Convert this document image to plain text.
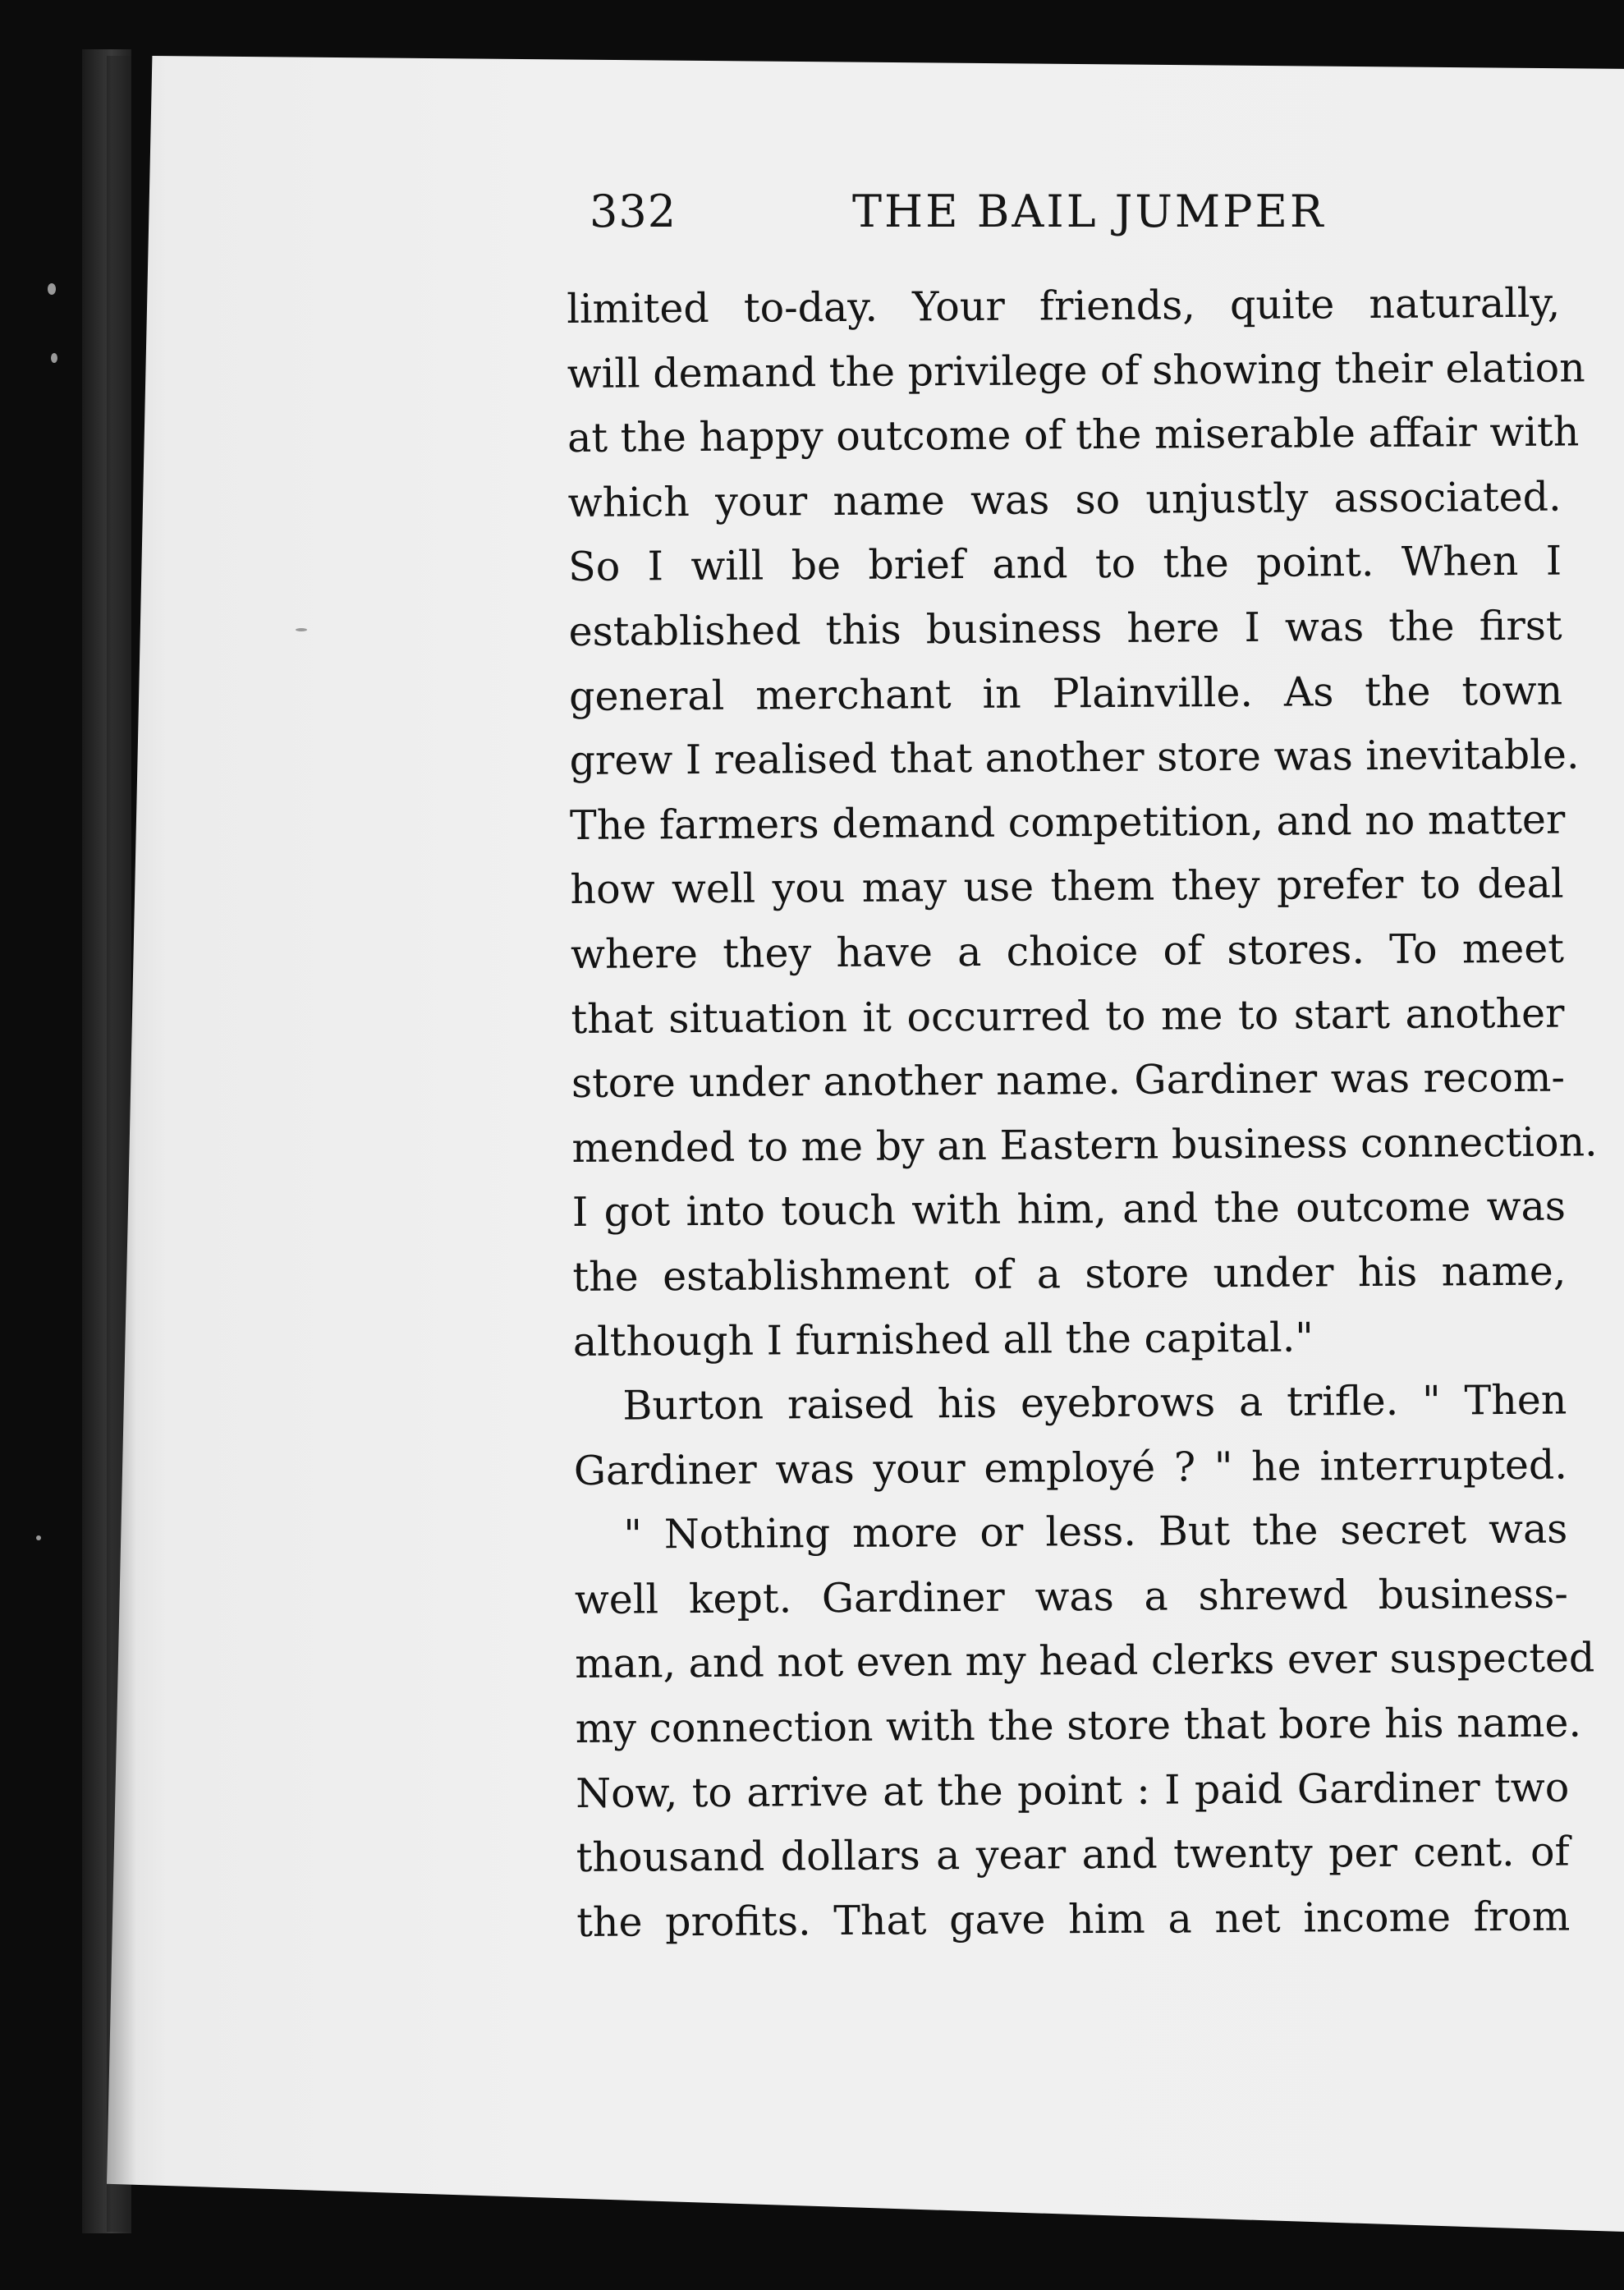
332	THE BAIL JUMPER
limited to-day. Your friends, quite naturally,
will demand the privilege of showing their elation
at the happy outcome of the miserable affair with
which your name was so unjustly associated.
So I will be brief and to the point. When I
established this business here I was the first
general merchant in Plainville. As the town
grew I realised that another store was inevitable.
The farmers demand competition, and no matter
how well you may use them they prefer to deal
where they have a choice of stores. To meet
that situation it occurred to me to start another
store under another name. Gardiner was recom-
mended to me by an Eastern business connection.
I got into touch with him, and the outcome was
the establishment of a store under his name,
although I furnished all the capital."
Burton raised his eyebrows a trifle. " Then
Gardiner was your employé ? " he interrupted.
" Nothing more or less. But the secret was
well kept. Gardiner was a shrewd business-
man, and not even my head clerks ever suspected
my connection with the store that bore his name.
Now, to arrive at the point : I paid Gardiner two
thousand dollars a year and twenty per cent. of
the profits. That gave him a net income from
